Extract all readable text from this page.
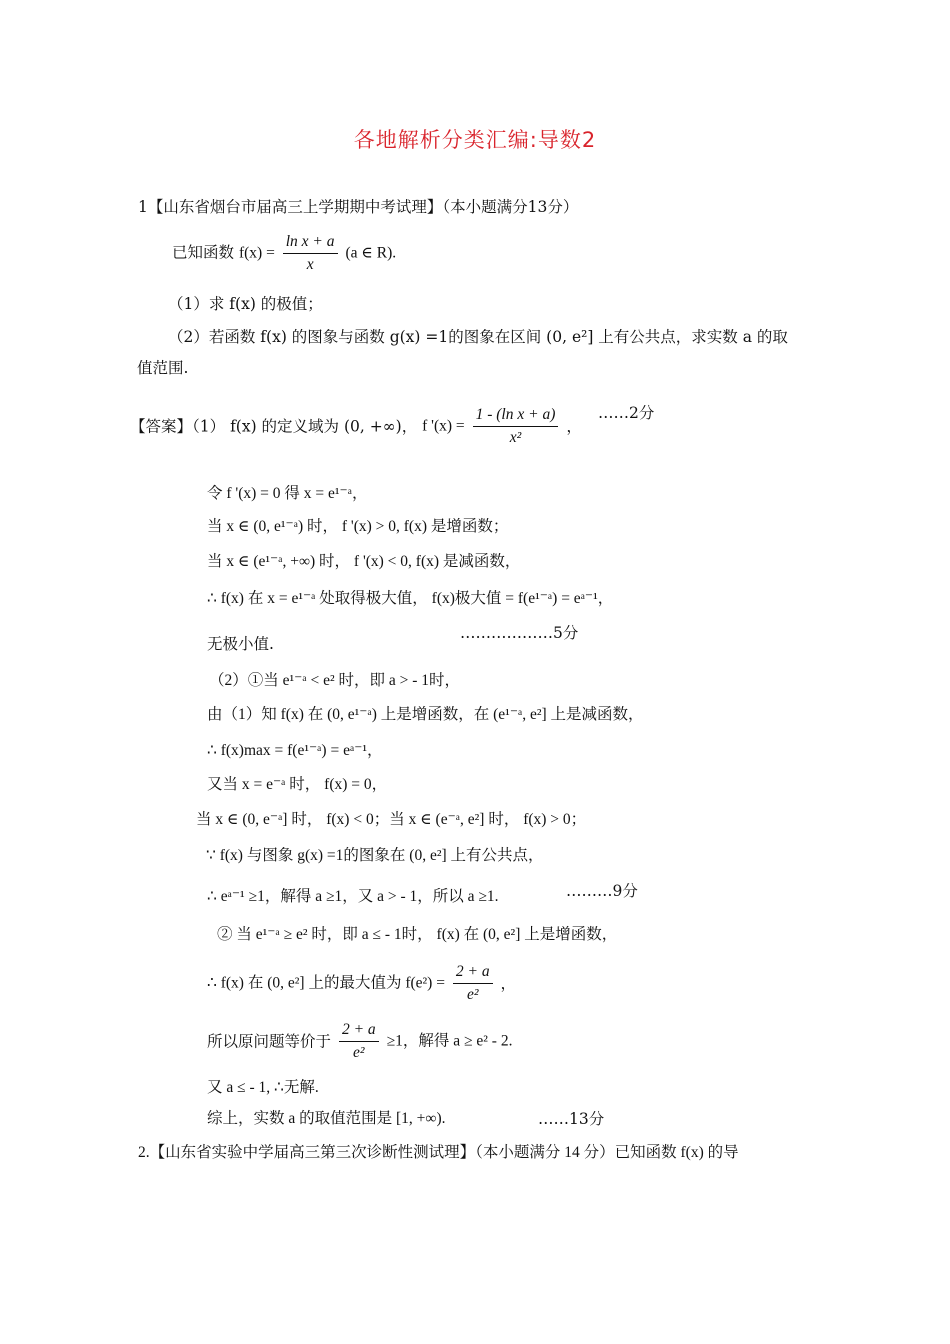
各地解析分类汇编:导数2
1【山东省烟台市届高三上学期期中考试理】（本小题满分13分）
已知函数 $f(x) = \frac{\text{ln x + a}}{x} (a$ ∈ R).
（1）求 f(x) 的极值；
（2）若函数 f(x) 的图象与函数 g(x) =1的图象在区间 (0, e²] 上有公共点，求实数 a 的取
值范围.
【答案】（1） f(x) 的定义域为 (0, +∞)， f '$(x) = \frac{\text{1 - (ln x + a)}}{\text{x²}}$ ，
……2分
令 f '(x) = 0 得 x = e¹⁻ᵃ，
当 x ∈ (0, e¹⁻ᵃ) 时， f '(x) > 0, f(x) 是增函数；
当 x ∈ (e¹⁻ᵃ, +∞) 时， f '(x) < 0, f(x) 是减函数，
∴ f(x) 在 x = e¹⁻ᵃ 处取得极大值， f(x)极大值 = f(e¹⁻ᵃ) = eᵃ⁻¹，
无极小值.
………………5分
（2）①当 e¹⁻ᵃ < e² 时，即 a > - 1时，
由（1）知 f(x) 在 (0, e¹⁻ᵃ) 上是增函数，在 (e¹⁻ᵃ, e²] 上是减函数，
∴ f(x)max = f(e¹⁻ᵃ) = eᵃ⁻¹，
又当 x = e⁻ᵃ 时， f(x) = 0，
当 x ∈ (0, e⁻ᵃ] 时， f(x) < 0；当 x ∈ (e⁻ᵃ, e²] 时， f(x) > 0；
∵ f(x) 与图象 g(x) =1的图象在 (0, e²] 上有公共点，
∴ eᵃ⁻¹ ≥1，解得 a ≥1，又 a > - 1，所以 a ≥1.	………9分
② 当 e¹⁻ᵃ ≥ e² 时，即 a ≤ - 1时， f(x) 在 (0, e²] 上是增函数，
∴ f(x) 在 (0, e²] 上的最大值为 $f(e^2) = \frac{2 + a}{\text{e²}}$ ，
所以原问题等价于 $\frac{2 + a}{\text{e²}} \ge 1$，解得 a ≥ e² - 2.
又 a ≤ - 1, ∴无解.
综上，实数 a 的取值范围是 [1, +∞).	……13分
2.【山东省实验中学届高三第三次诊断性测试理】（本小题满分 14 分）已知函数 f(x) 的导
